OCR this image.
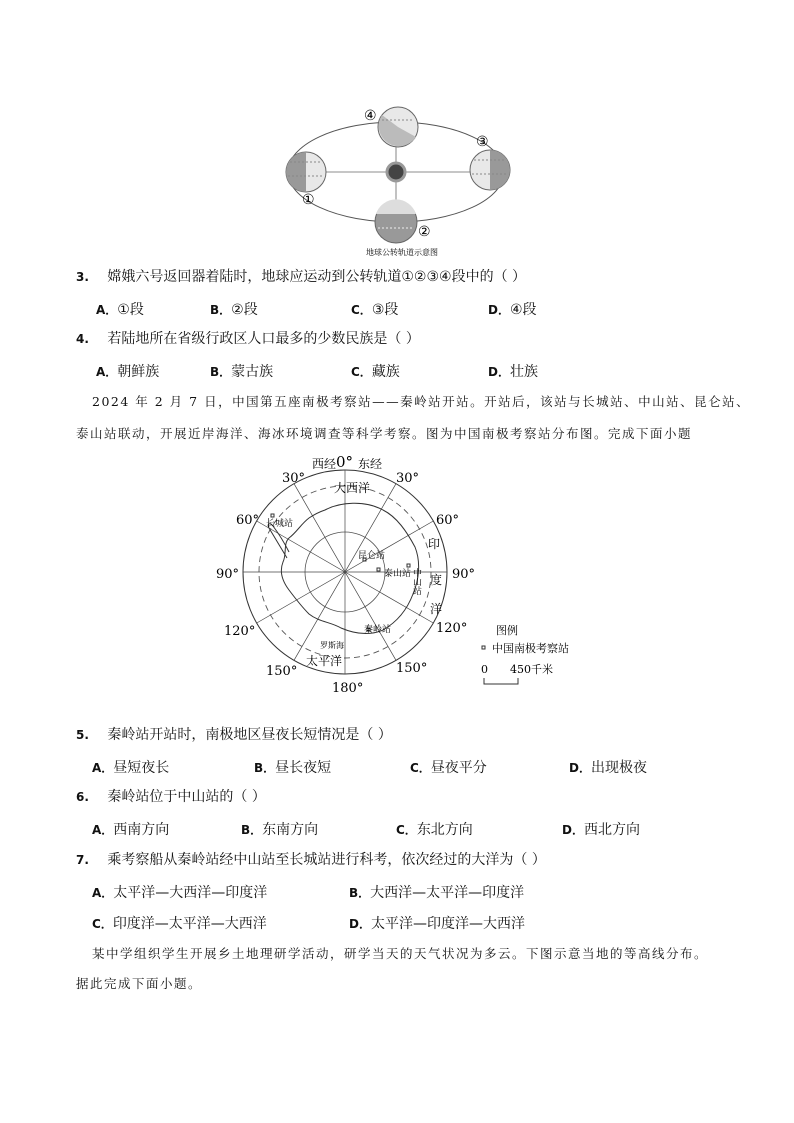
④
③
①
②
地球公转轨道示意图
3. 嫦娥六号返回器着陆时，地球应运动到公转轨道①②③④段中的（ ）
A．①段	B．②段	C．③段	D．④段
4. 若陆地所在省级行政区人口最多的少数民族是（ ）
A．朝鲜族	B．蒙古族	C．藏族	D．壮族
2024 年 2 月 7 日，中国第五座南极考察站——秦岭站开站。开站后，该站与长城站、中山站、昆仑站、
泰山站联动，开展近岸海洋、海冰环境调查等科学考察。图为中国南极考察站分布图。完成下面小题
西经 0° 东经
30°	30°
60°	60°
90°	90°
120°	120°
150°	150°
180°
大西洋
太平洋
印
度
洋
长城站
中山站
昆仑站
泰山站
秦岭站
罗斯海
图例
中国南极考察站
0 450千米
5. 秦岭站开站时，南极地区昼夜长短情况是（ ）
A．昼短夜长	B．昼长夜短	C．昼夜平分	D．出现极夜
6. 秦岭站位于中山站的（ ）
A．西南方向	B．东南方向	C．东北方向	D．西北方向
7. 乘考察船从秦岭站经中山站至长城站进行科考，依次经过的大洋为（ ）
A．太平洋—大西洋—印度洋	B．大西洋—太平洋—印度洋
C．印度洋—太平洋—大西洋	D．太平洋—印度洋—大西洋
某中学组织学生开展乡土地理研学活动，研学当天的天气状况为多云。下图示意当地的等高线分布。
据此完成下面小题。
